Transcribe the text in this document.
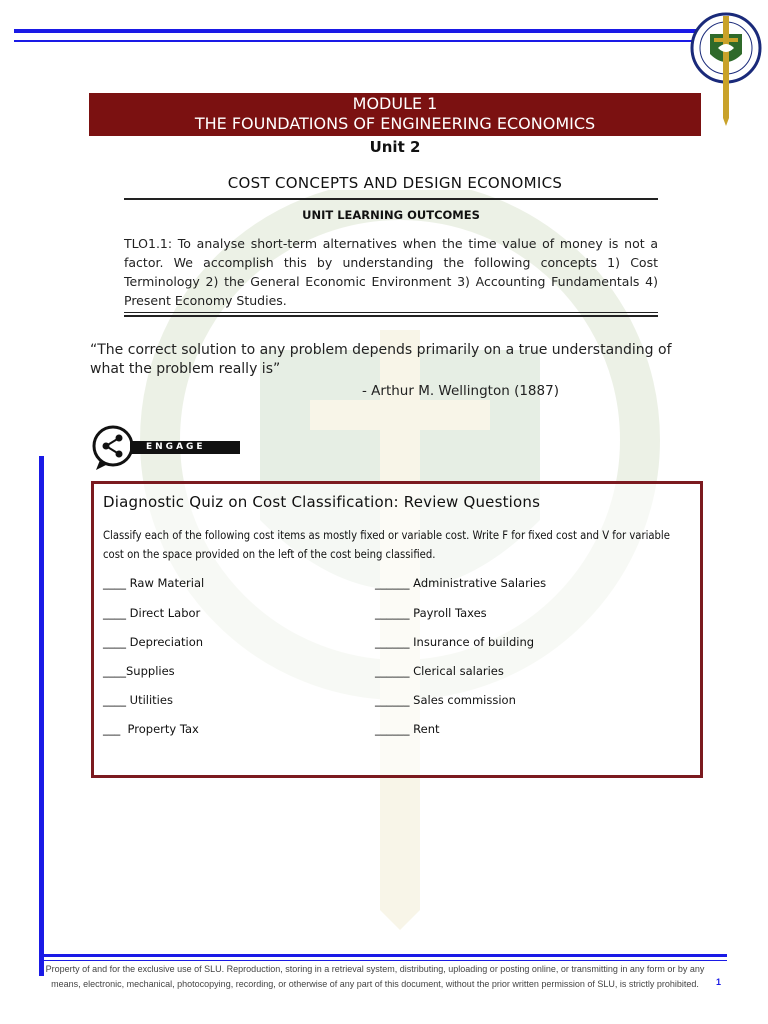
MODULE 1
THE FOUNDATIONS OF ENGINEERING ECONOMICS
Unit 2
COST CONCEPTS AND DESIGN ECONOMICS
UNIT LEARNING OUTCOMES
TLO1.1: To analyse short-term alternatives when the time value of money is not a factor. We accomplish this by understanding the following concepts 1) Cost Terminology 2) the General Economic Environment 3) Accounting Fundamentals 4) Present Economy Studies.
“The correct solution to any problem depends primarily on a true understanding of what the problem really is”
- Arthur M. Wellington (1887)
ENGAGE
Diagnostic Quiz on Cost Classification: Review Questions
Classify each of the following cost items as mostly fixed or variable cost. Write F for fixed cost and V for variable cost on the space provided on the left of the cost being classified.
____ Raw Material
____ Direct Labor
____ Depreciation
____Supplies
____ Utilities
___  Property Tax
______ Administrative Salaries
______ Payroll Taxes
______ Insurance of building
______ Clerical salaries
______ Sales commission
______ Rent
Property of and for the exclusive use of SLU. Reproduction, storing in a retrieval system, distributing, uploading or posting online, or transmitting in any form or by any means, electronic, mechanical, photocopying, recording, or otherwise of any part of this document, without the prior written permission of SLU, is strictly prohibited.	1
